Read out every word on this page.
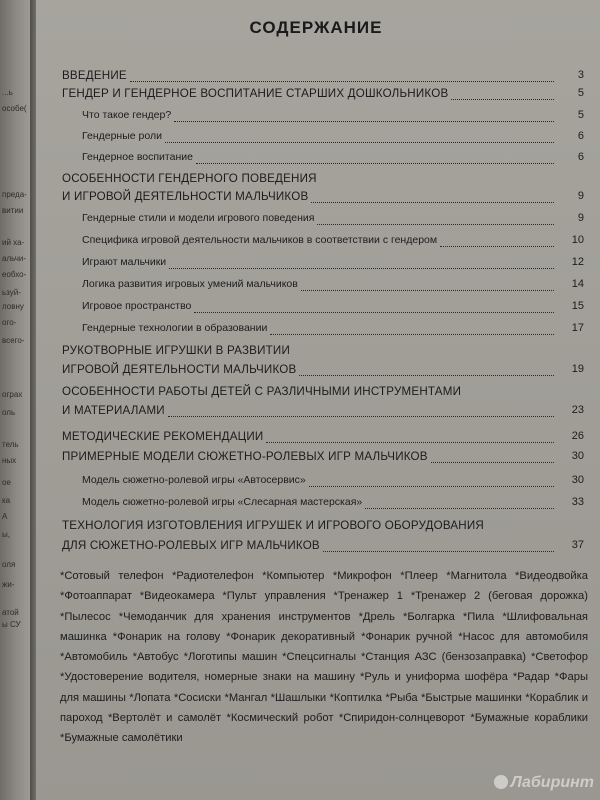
...ь
особе(
преда-
витии
ий ха-
альчи-
еобхо-
ьзуй-
ловну
ого-
всего-
ограх
оль
тель
ных
ое
ка
А
ы,
оля
жи-
атой
ы СУ
СОДЕРЖАНИЕ
ВВЕДЕНИЕ	3
ГЕНДЕР И ГЕНДЕРНОЕ ВОСПИТАНИЕ СТАРШИХ ДОШКОЛЬНИКОВ	5
Что такое гендер?	5
Гендерные роли	6
Гендерное воспитание	6
ОСОБЕННОСТИ ГЕНДЕРНОГО ПОВЕДЕНИЯ
И ИГРОВОЙ ДЕЯТЕЛЬНОСТИ МАЛЬЧИКОВ	9
Гендерные стили и модели игрового поведения	9
Специфика игровой деятельности мальчиков в соответствии с гендером	10
Играют мальчики	12
Логика развития игровых умений мальчиков	14
Игровое пространство	15
Гендерные технологии в образовании	17
РУКОТВОРНЫЕ ИГРУШКИ В РАЗВИТИИ
ИГРОВОЙ ДЕЯТЕЛЬНОСТИ МАЛЬЧИКОВ	19
ОСОБЕННОСТИ РАБОТЫ ДЕТЕЙ С РАЗЛИЧНЫМИ ИНСТРУМЕНТАМИ
И МАТЕРИАЛАМИ	23
МЕТОДИЧЕСКИЕ РЕКОМЕНДАЦИИ	26
ПРИМЕРНЫЕ МОДЕЛИ СЮЖЕТНО-РОЛЕВЫХ ИГР МАЛЬЧИКОВ	30
Модель сюжетно-ролевой игры «Автосервис»	30
Модель сюжетно-ролевой игры «Слесарная мастерская»	33
ТЕХНОЛОГИЯ ИЗГОТОВЛЕНИЯ ИГРУШЕК И ИГРОВОГО ОБОРУДОВАНИЯ
ДЛЯ СЮЖЕТНО-РОЛЕВЫХ ИГР МАЛЬЧИКОВ	37
*Сотовый телефон *Радиотелефон *Компьютер *Микрофон *Плеер *Магнитола *Видеодвойка *Фотоаппарат *Видеокамера *Пульт управления *Тренажер 1 *Тренажер 2 (беговая дорожка) *Пылесос *Чемоданчик для хранения инструментов *Дрель *Болгарка *Пила *Шлифовальная машинка *Фонарик на голову *Фонарик декоративный *Фонарик ручной *Насос для автомобиля *Автомобиль *Автобус *Логотипы машин *Спецсигналы *Станция АЗС (бензозаправка) *Светофор *Удостоверение водителя, номерные знаки на машину *Руль и униформа шофёра *Радар *Фары для машины *Лопата *Сосиски *Мангал *Шашлыки *Коптилка *Рыба *Быстрые машинки *Кораблик и пароход *Вертолёт и самолёт *Космический робот *Спиридон-солнцеворот *Бумажные кораблики *Бумажные самолётики
Лабиринт
